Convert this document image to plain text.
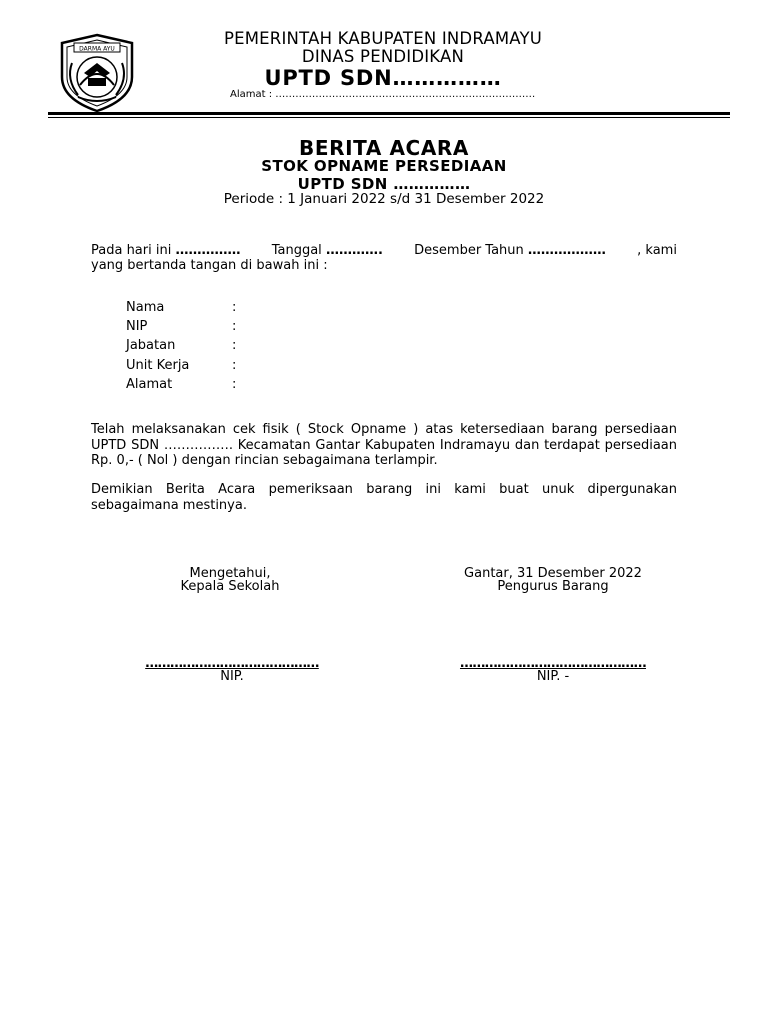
DARMA AYU
PEMERINTAH KABUPATEN INDRAMAYU
DINAS PENDIDIKAN
UPTD SDN……………
Alamat : ……………………………………………………………………
BERITA ACARA
STOK OPNAME PERSEDIAAN
UPTD SDN ……………
Periode : 1 Januari 2022 s/d 31 Desember 2022
Pada hari ini …………… Tanggal …………. Desember Tahun ……………… , kami
yang bertanda tangan di bawah ini :
Nama	:
NIP	:
Jabatan	:
Unit Kerja	:
Alamat	:
Telah melaksanakan cek fisik ( Stock Opname ) atas ketersediaan barang persediaan UPTD SDN ……………. Kecamatan Gantar Kabupaten Indramayu dan terdapat persediaan Rp. 0,- ( Nol ) dengan rincian sebagaimana terlampir.
Demikian Berita Acara pemeriksaan barang ini kami buat unuk dipergunakan sebagaimana mestinya.
Mengetahui,
Kepala Sekolah
Gantar, 31 Desember 2022
Pengurus Barang
……………………………………
NIP.
………………………………………
NIP. -
